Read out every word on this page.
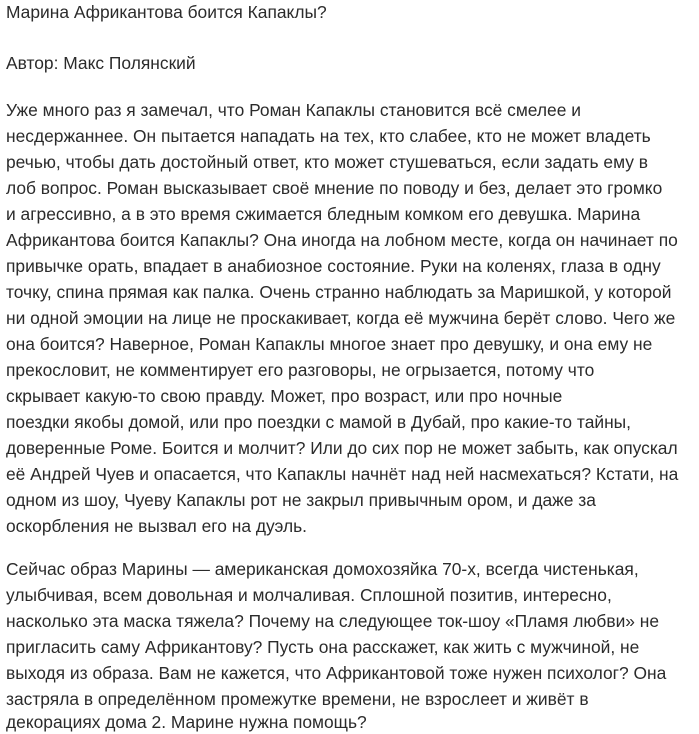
Марина Африкантова боится Капаклы?
Автор: Макс Полянский
Уже много раз я замечал, что Роман Капаклы становится всё смелее и
несдержаннее. Он пытается нападать на тех, кто слабее, кто не может владеть
речью, чтобы дать достойный ответ, кто может стушеваться, если задать ему в
лоб вопрос. Роман высказывает своё мнение по поводу и без, делает это громко
и агрессивно, а в это время сжимается бледным комком его девушка. Марина
Африкантова боится Капаклы? Она иногда на лобном месте, когда он начинает по
привычке орать, впадает в анабиозное состояние. Руки на коленях, глаза в одну
точку, спина прямая как палка. Очень странно наблюдать за Маришкой, у которой
ни одной эмоции на лице не проскакивает, когда её мужчина берёт слово. Чего же
она боится? Наверное, Роман Капаклы многое знает про девушку, и она ему не
прекословит, не комментирует его разговоры, не огрызается, потому что
скрывает какую-то свою правду. Может, про возраст, или про ночные
поездки якобы домой, или про поездки с мамой в Дубай, про какие-то тайны,
доверенные Роме. Боится и молчит? Или до сих пор не может забыть, как опускал
её Андрей Чуев и опасается, что Капаклы начнёт над ней насмехаться? Кстати, на
одном из шоу, Чуеву Капаклы рот не закрыл привычным ором, и даже за
оскорбления не вызвал его на дуэль.
Сейчас образ Марины — американская домохозяйка 70-х, всегда чистенькая,
улыбчивая, всем довольная и молчаливая. Сплошной позитив, интересно,
насколько эта маска тяжела? Почему на следующее ток-шоу «Пламя любви» не
пригласить саму Африкантову? Пусть она расскажет, как жить с мужчиной, не
выходя из образа. Вам не кажется, что Африкантовой тоже нужен психолог? Она
застряла в определённом промежутке времени, не взрослеет и живёт в
декорациях дома 2. Марине нужна помощь?
